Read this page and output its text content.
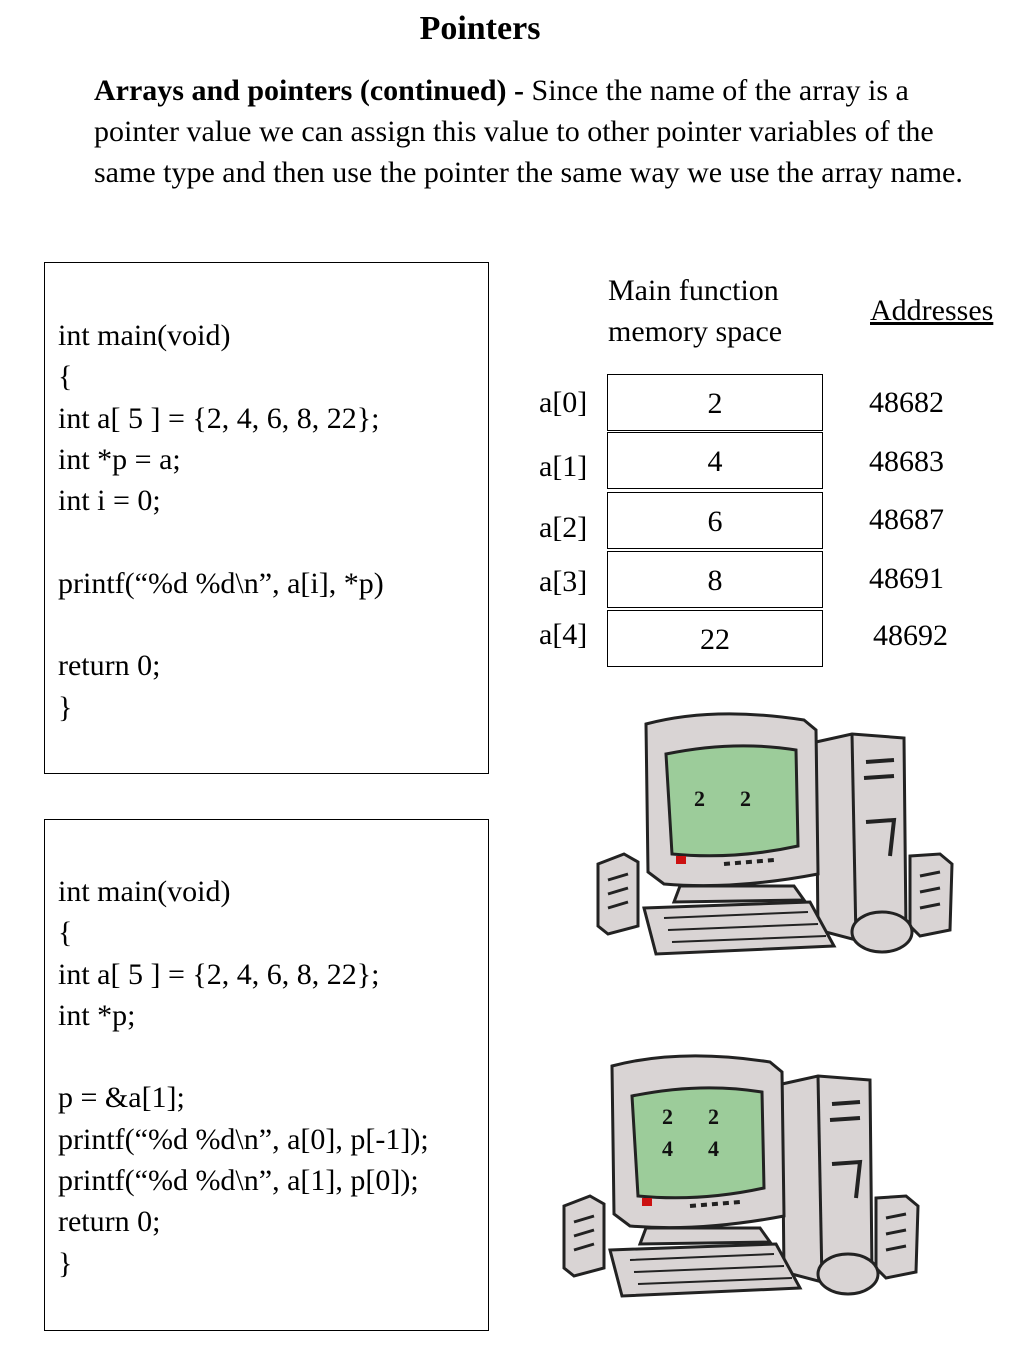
Pointers
Arrays and pointers (continued) - Since the name of the array is a pointer value we can assign this value to other pointer variables of the same type and then use the pointer the same way we use the array name.
int main(void)
{
int a[ 5 ] = {2, 4, 6, 8, 22};
int *p = a;
int i = 0;
printf(“%d %d\n”, a[i], *p)
return 0;
}
int main(void)
{
int a[ 5 ] = {2, 4, 6, 8, 22};
int *p;
p = &a[1];
printf(“%d %d\n”, a[0], p[-1]);
printf(“%d %d\n”, a[1], p[0]);
return 0;
}
Main function
memory space
Addresses
a[0]	2	48682
a[1]	4	48683
a[2]	6	48687
a[3]	8	48691
a[4]	22	48692
2 2
2 2
4 4
